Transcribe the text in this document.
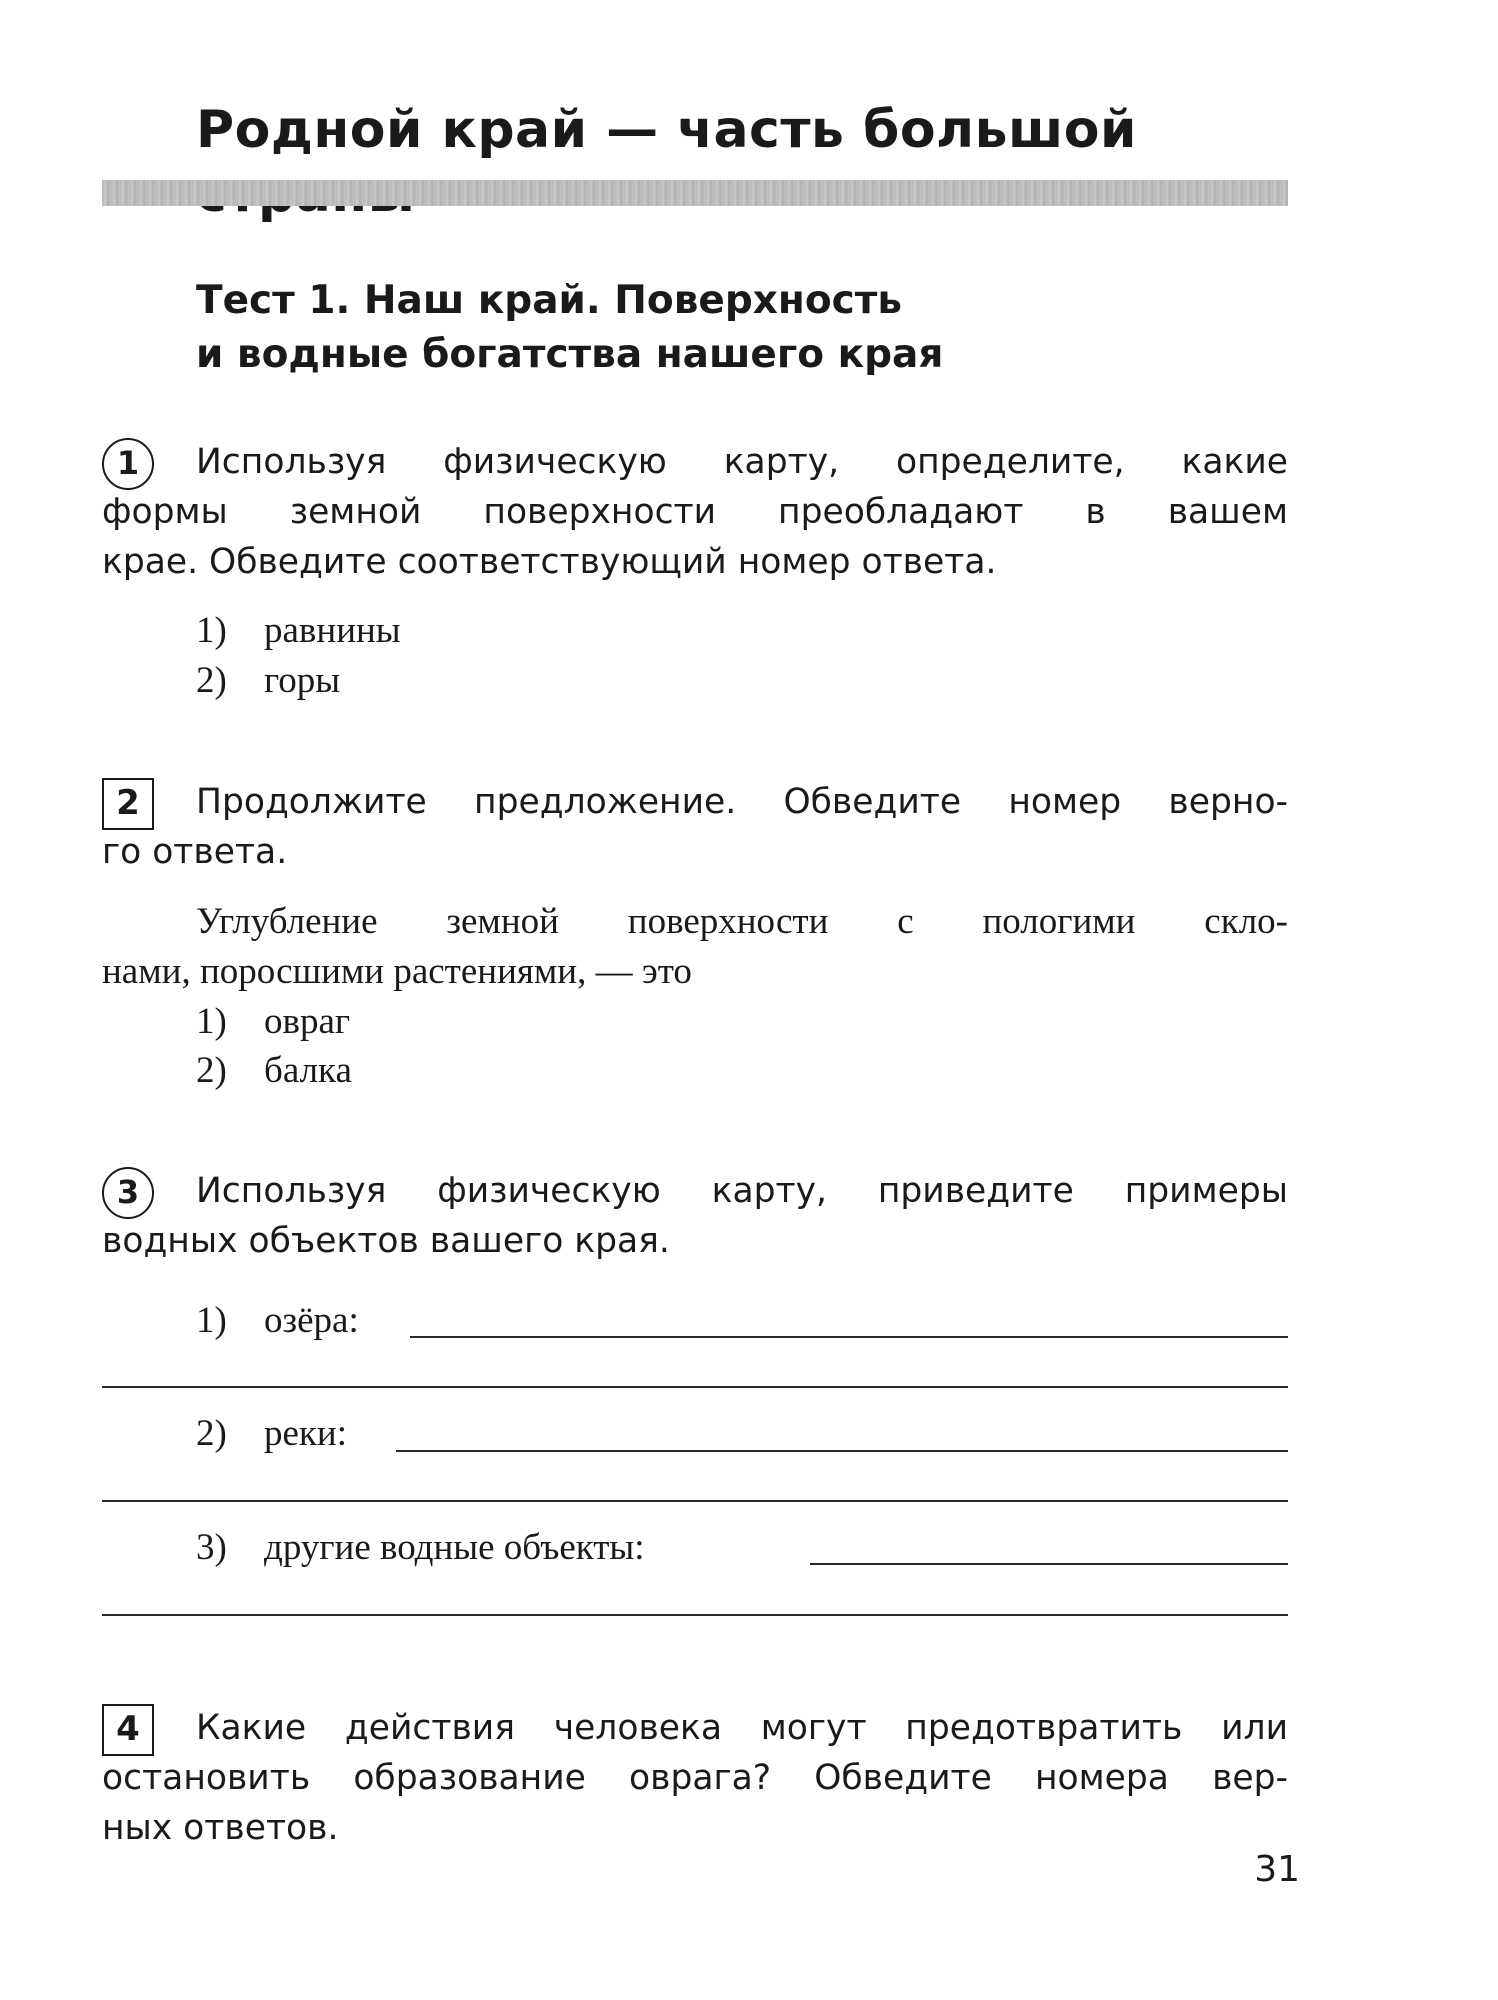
Родной край — часть большой
Тест 1. Наш край. Поверхность
и водные богатства нашего края
1	Используя физическую карту, определите, какие
формы земной поверхности преобладают в вашем
крае. Обведите соответствующий номер ответа.

1) равнины
2) горы
2	Продолжите предложение. Обведите номер верно-
го ответа.

Углубление земной поверхности с пологими скло-
нами, поросшими растениями, — это

1) овраг
2) балка
3	Используя физическую карту, приведите примеры
водных объектов вашего края.

1) озёра:
2) реки:
3) другие водные объекты:
4	Какие действия человека могут предотвратить или
остановить образование оврага? Обведите номера вер-
ных ответов.

31
